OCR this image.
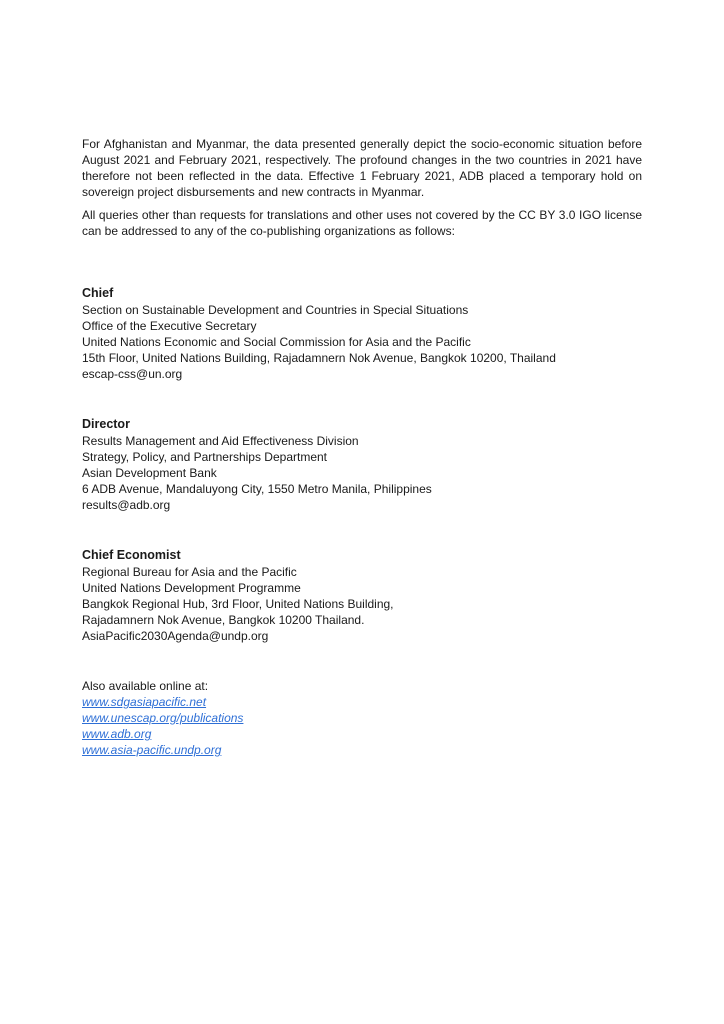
For Afghanistan and Myanmar, the data presented generally depict the socio-economic situation before August 2021 and February 2021, respectively. The profound changes in the two countries in 2021 have therefore not been reflected in the data. Effective 1 February 2021, ADB placed a temporary hold on sovereign project disbursements and new contracts in Myanmar.

All queries other than requests for translations and other uses not covered by the CC BY 3.0 IGO license can be addressed to any of the co-publishing organizations as follows:

Chief

Section on Sustainable Development and Countries in Special Situations

Office of the Executive Secretary

United Nations Economic and Social Commission for Asia and the Pacific

15th Floor, United Nations Building, Rajadamnern Nok Avenue, Bangkok 10200, Thailand

escap-css@un.org

Director

Results Management and Aid Effectiveness Division

Strategy, Policy, and Partnerships Department

Asian Development Bank

6 ADB Avenue, Mandaluyong City, 1550 Metro Manila, Philippines

results@adb.org

Chief Economist

Regional Bureau for Asia and the Pacific

United Nations Development Programme

Bangkok Regional Hub, 3rd Floor, United Nations Building,

Rajadamnern Nok Avenue, Bangkok 10200 Thailand.

AsiaPacific2030Agenda@undp.org

Also available online at:

www.sdgasiapacific.net
www.unescap.org/publications
www.adb.org
www.asia-pacific.undp.org
